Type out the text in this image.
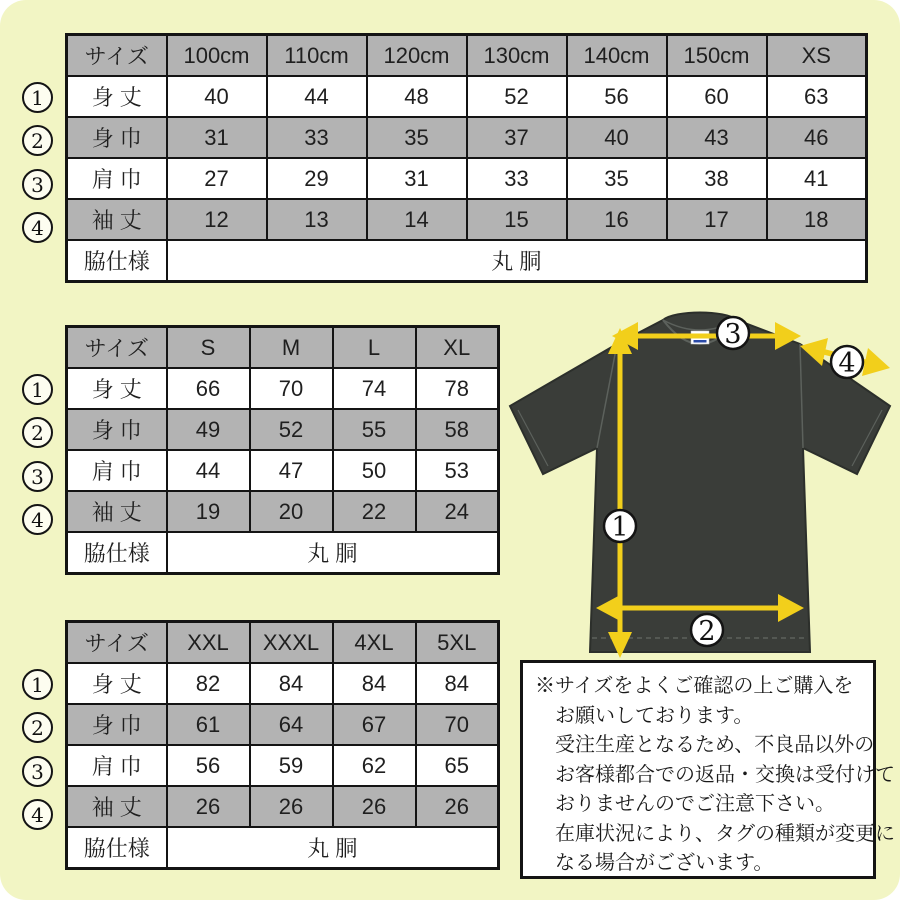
サイズ	100cm	110cm	120cm	130cm	140cm	150cm	XS
身 丈	40	44	48	52	56	60	63
身 巾	31	33	35	37	40	43	46
肩 巾	27	29	31	33	35	38	41
袖 丈	12	13	14	15	16	17	18
脇仕様	丸 胴						
サイズ	S	M	L	XL
身 丈	66	70	74	78
身 巾	49	52	55	58
肩 巾	44	47	50	53
袖 丈	19	20	22	24
脇仕様	丸 胴			
サイズ	XXL	XXXL	4XL	5XL
身 丈	82	84	84	84
身 巾	61	64	67	70
肩 巾	56	59	62	65
袖 丈	26	26	26	26
脇仕様	丸 胴			
1
2
3
4
※サイズをよくご確認の上ご購入を
お願いしております。
受注生産となるため、不良品以外の
お客様都合での返品・交換は受付けて
おりませんのでご注意下さい。
在庫状況により、タグの種類が変更に
なる場合がございます。
1
2
3
4
1
2
3
4
1
2
3
4
